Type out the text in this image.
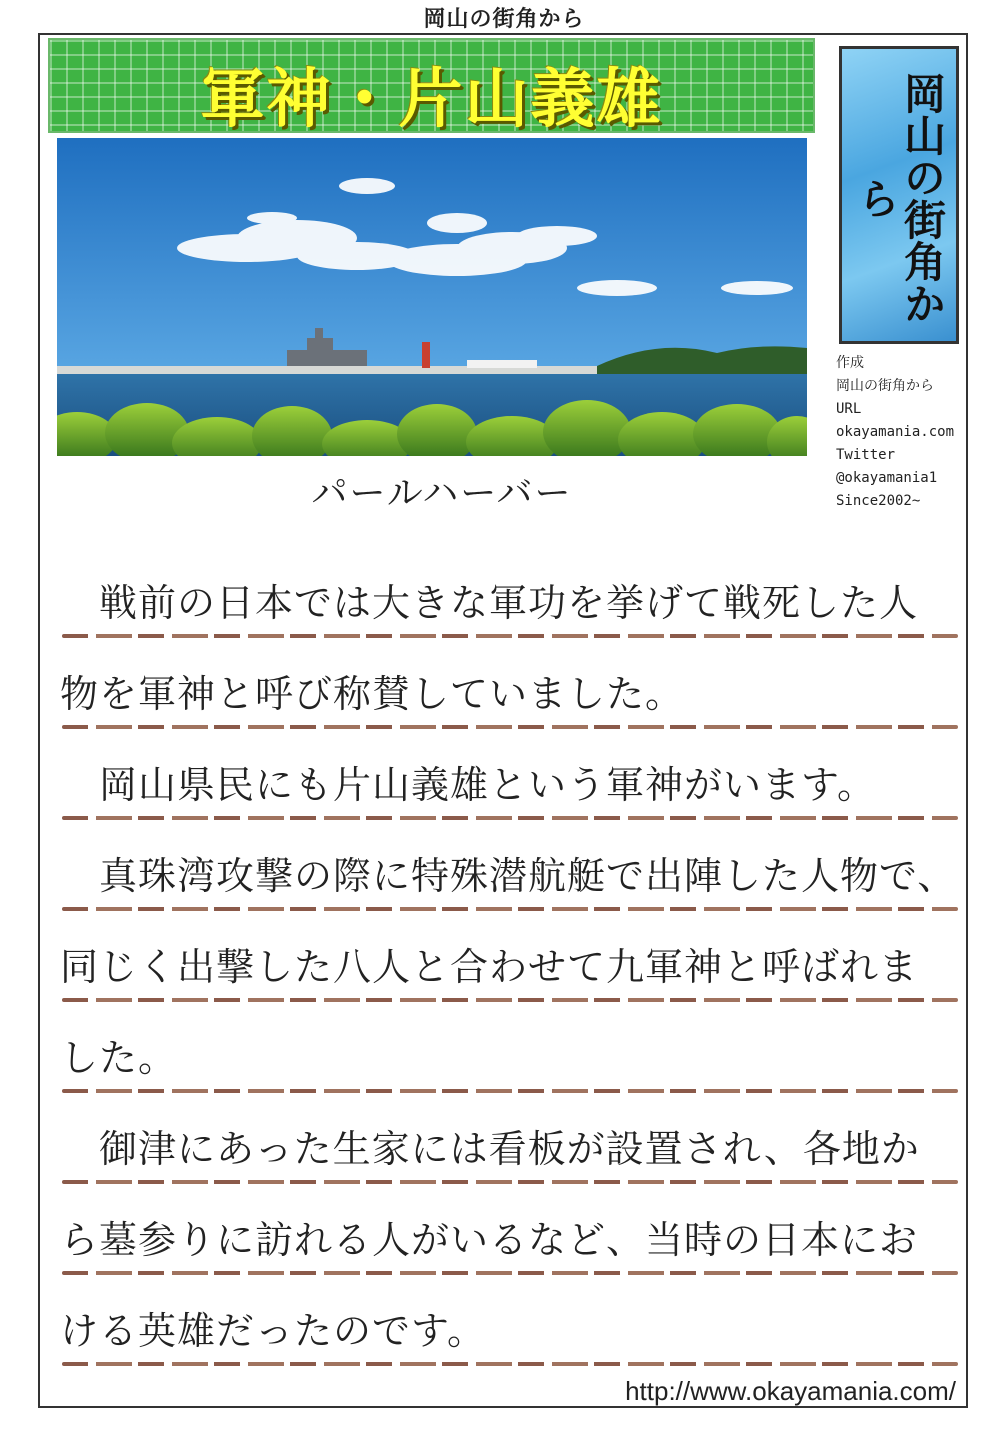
岡山の街角から
軍神・片山義雄
パールハーバー
岡山の街角から
作成
岡山の街角から
URL
okayamania.com
Twitter
@okayamania1
Since2002~
　戦前の日本では大きな軍功を挙げて戦死した人
物を軍神と呼び称賛していました。
　岡山県民にも片山義雄という軍神がいます。
　真珠湾攻撃の際に特殊潜航艇で出陣した人物で、
同じく出撃した八人と合わせて九軍神と呼ばれま
した。
　御津にあった生家には看板が設置され、各地か
ら墓参りに訪れる人がいるなど、当時の日本にお
ける英雄だったのです。
http://www.okayamania.com/
